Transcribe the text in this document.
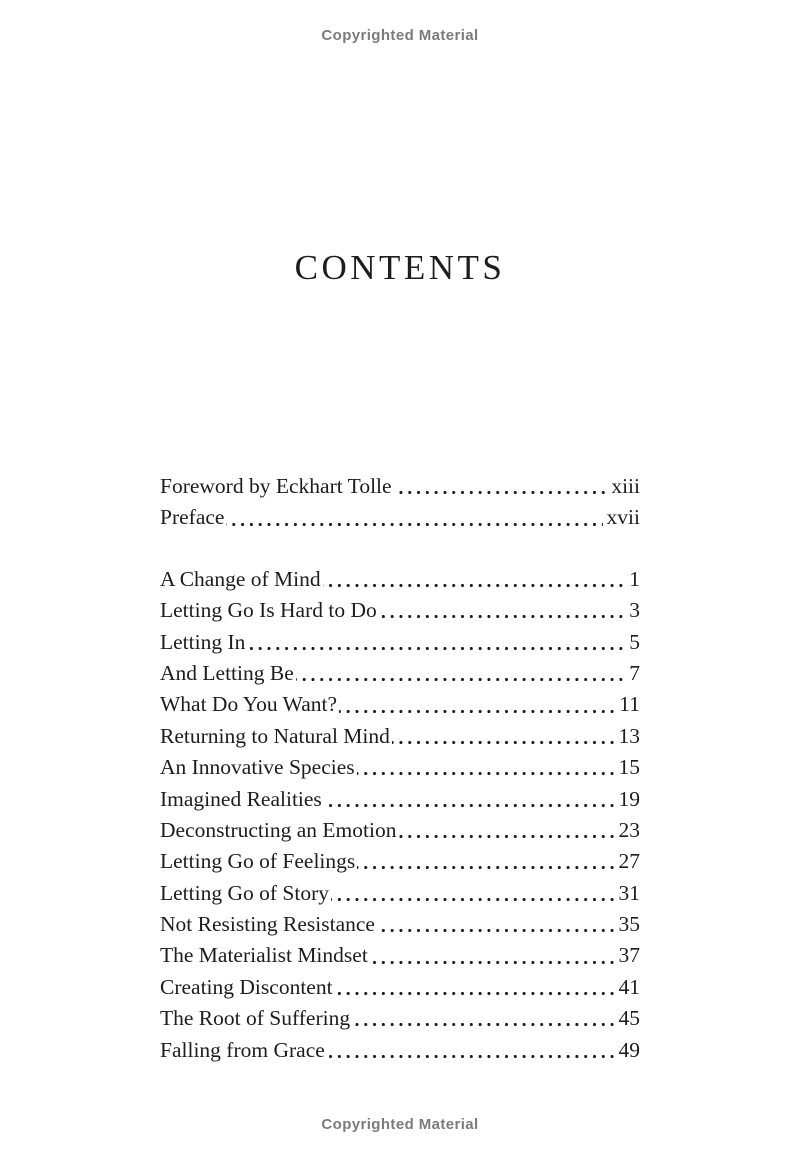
Copyrighted Material
CONTENTS
Foreword by Eckhart Tolle	xiii
Preface	xvii
A Change of Mind	1
Letting Go Is Hard to Do	3
Letting In	5
And Letting Be	7
What Do You Want?	11
Returning to Natural Mind	13
An Innovative Species	15
Imagined Realities	19
Deconstructing an Emotion	23
Letting Go of Feelings	27
Letting Go of Story	31
Not Resisting Resistance	35
The Materialist Mindset	37
Creating Discontent	41
The Root of Suffering	45
Falling from Grace	49
Copyrighted Material
